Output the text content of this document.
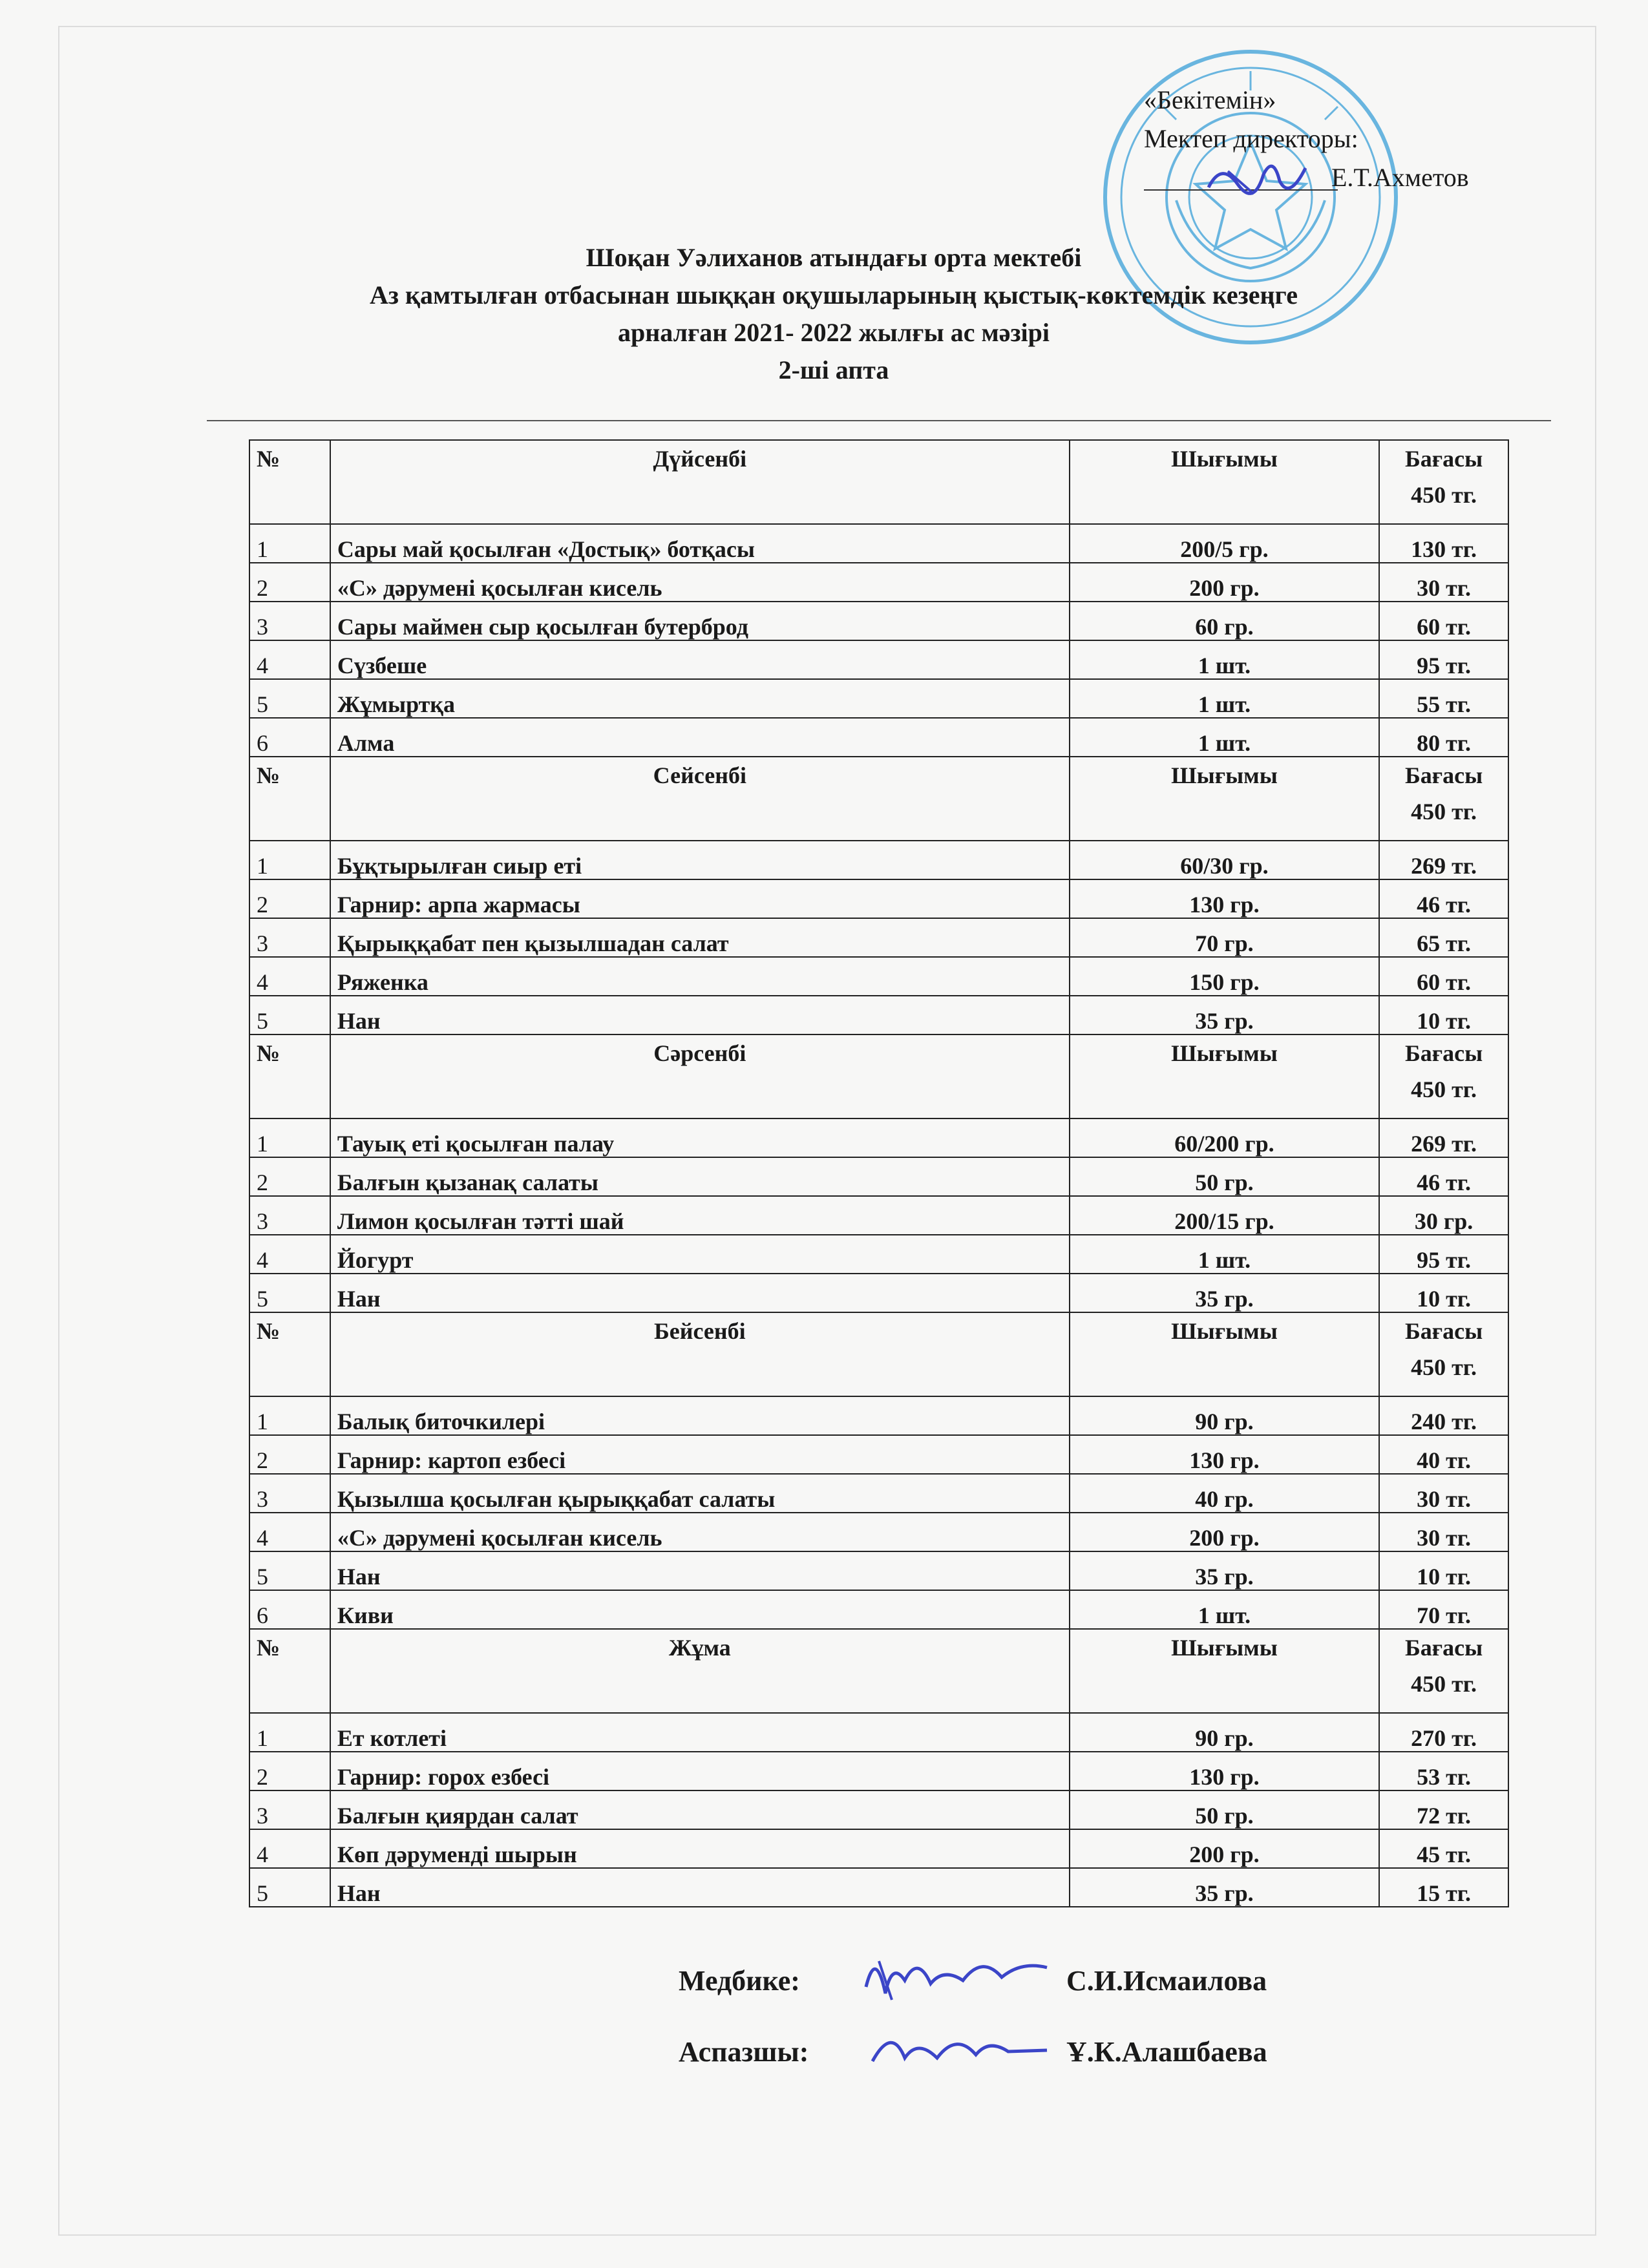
«Бекітемін»
Мектеп директоры:
Е.Т.Ахметов
Шоқан Уәлиханов атындағы орта мектебі
Аз қамтылған отбасынан шыққан оқушыларының қыстық-көктемдік кезеңге
арналған 2021- 2022 жылғы ас мәзірі
2-ші апта
№	Дүйсенбі	Шығымы	Бағасы
450 тг.

1	Сары май қосылған «Достық» ботқасы	200/5 гр.	130 тг.
2	«С» дәрумені қосылған кисель	200 гр.	30 тг.
3	Сары маймен сыр қосылған бутерброд	60 гр.	60 тг.
4	Сүзбеше	1 шт.	95 тг.
5	Жұмыртқа	1 шт.	55 тг.
6	Алма	1 шт.	80 тг.
№	Сейсенбі	Шығымы	Бағасы
450 тг.

1	Бұқтырылған сиыр еті	60/30 гр.	269 тг.
2	Гарнир: арпа жармасы	130 гр.	46 тг.
3	Қырыққабат пен қызылшадан салат	70 гр.	65 тг.
4	Ряженка	150 гр.	60 тг.
5	Нан	35 гр.	10 тг.
№	Сәрсенбі	Шығымы	Бағасы
450 тг.

1	Тауық еті қосылған палау	60/200 гр.	269 тг.
2	Балғын қызанақ салаты	50 гр.	46 тг.
3	Лимон қосылған тәтті шай	200/15 гр.	30 гр.
4	Йогурт	1 шт.	95 тг.
5	Нан	35 гр.	10 тг.
№	Бейсенбі	Шығымы	Бағасы
450 тг.

1	Балық биточкилері	90 гр.	240 тг.
2	Гарнир: картоп езбесі	130 гр.	40 тг.
3	Қызылша қосылған қырыққабат салаты	40 гр.	30 тг.
4	«С» дәрумені қосылған кисель	200 гр.	30 тг.
5	Нан	35 гр.	10 тг.
6	Киви	1 шт.	70 тг.
№	Жұма	Шығымы	Бағасы
450 тг.

1	Ет котлеті	90 гр.	270 тг.
2	Гарнир: горох езбесі	130 гр.	53 тг.
3	Балғын қиярдан салат	50 гр.	72 тг.
4	Көп дәрумендi шырын	200 гр.	45 тг.
5	Нан	35 гр.	15 тг.
Медбике:	С.И.Исмаилова
Аспазшы:	Ұ.К.Алашбаева
